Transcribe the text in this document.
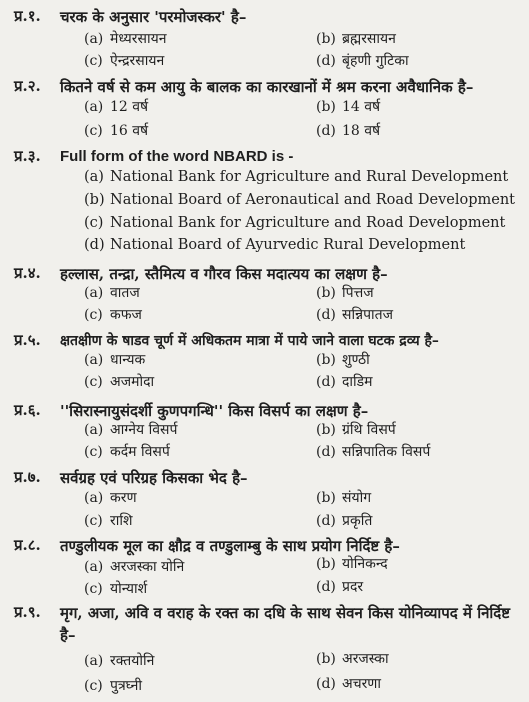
प्र.१. चरक के अनुसार 'परमोजस्कर' है–
(a) मेध्यरसायन	(b) ब्रह्मरसायन
(c) ऐन्द्ररसायन	(d) बृंहणी गुटिका
प्र.२. कितने वर्ष से कम आयु के बालक का कारखानों में श्रम करना अवैधानिक है–
(a) 12 वर्ष	(b) 14 वर्ष
(c) 16 वर्ष	(d) 18 वर्ष
प्र.३. Full form of the word NBARD is -
(a) National Bank for Agriculture and Rural Development
(b) National Board of Aeronautical and Road Development
(c) National Bank for Agriculture and Road Development
(d) National Board of Ayurvedic Rural Development
प्र.४. हल्लास, तन्द्रा, स्तैमित्य व गौरव किस मदात्यय का लक्षण है–
(a) वातज	(b) पित्तज
(c) कफज	(d) सन्निपातज
प्र.५. क्षतक्षीण के षाडव चूर्ण में अधिकतम मात्रा में पाये जाने वाला घटक द्रव्य है–
(a) धान्यक	(b) शुण्ठी
(c) अजमोदा	(d) दाडिम
प्र.६. ''सिरास्नायुसंदर्शी कुणपगन्धि'' किस विसर्प का लक्षण है–
(a) आग्नेय विसर्प	(b) ग्रंथि विसर्प
(c) कर्दम विसर्प	(d) सन्निपातिक विसर्प
प्र.७. सर्वग्रह एवं परिग्रह किसका भेद है–
(a) करण	(b) संयोग
(c) राशि	(d) प्रकृति
प्र.८. तण्डुलीयक मूल का क्षौद्र व तण्डुलाम्बु के साथ प्रयोग निर्दिष्ट है–
(a) अरजस्का योनि	(b) योनिकन्द
(c) योन्यार्श	(d) प्रदर
प्र.९. मृग, अजा, अवि व वराह के रक्त का दधि के साथ सेवन किस योनिव्यापद में निर्दिष्ट है–
(a) रक्तयोनि	(b) अरजस्का
(c) पुत्रघ्नी	(d) अचरणा
